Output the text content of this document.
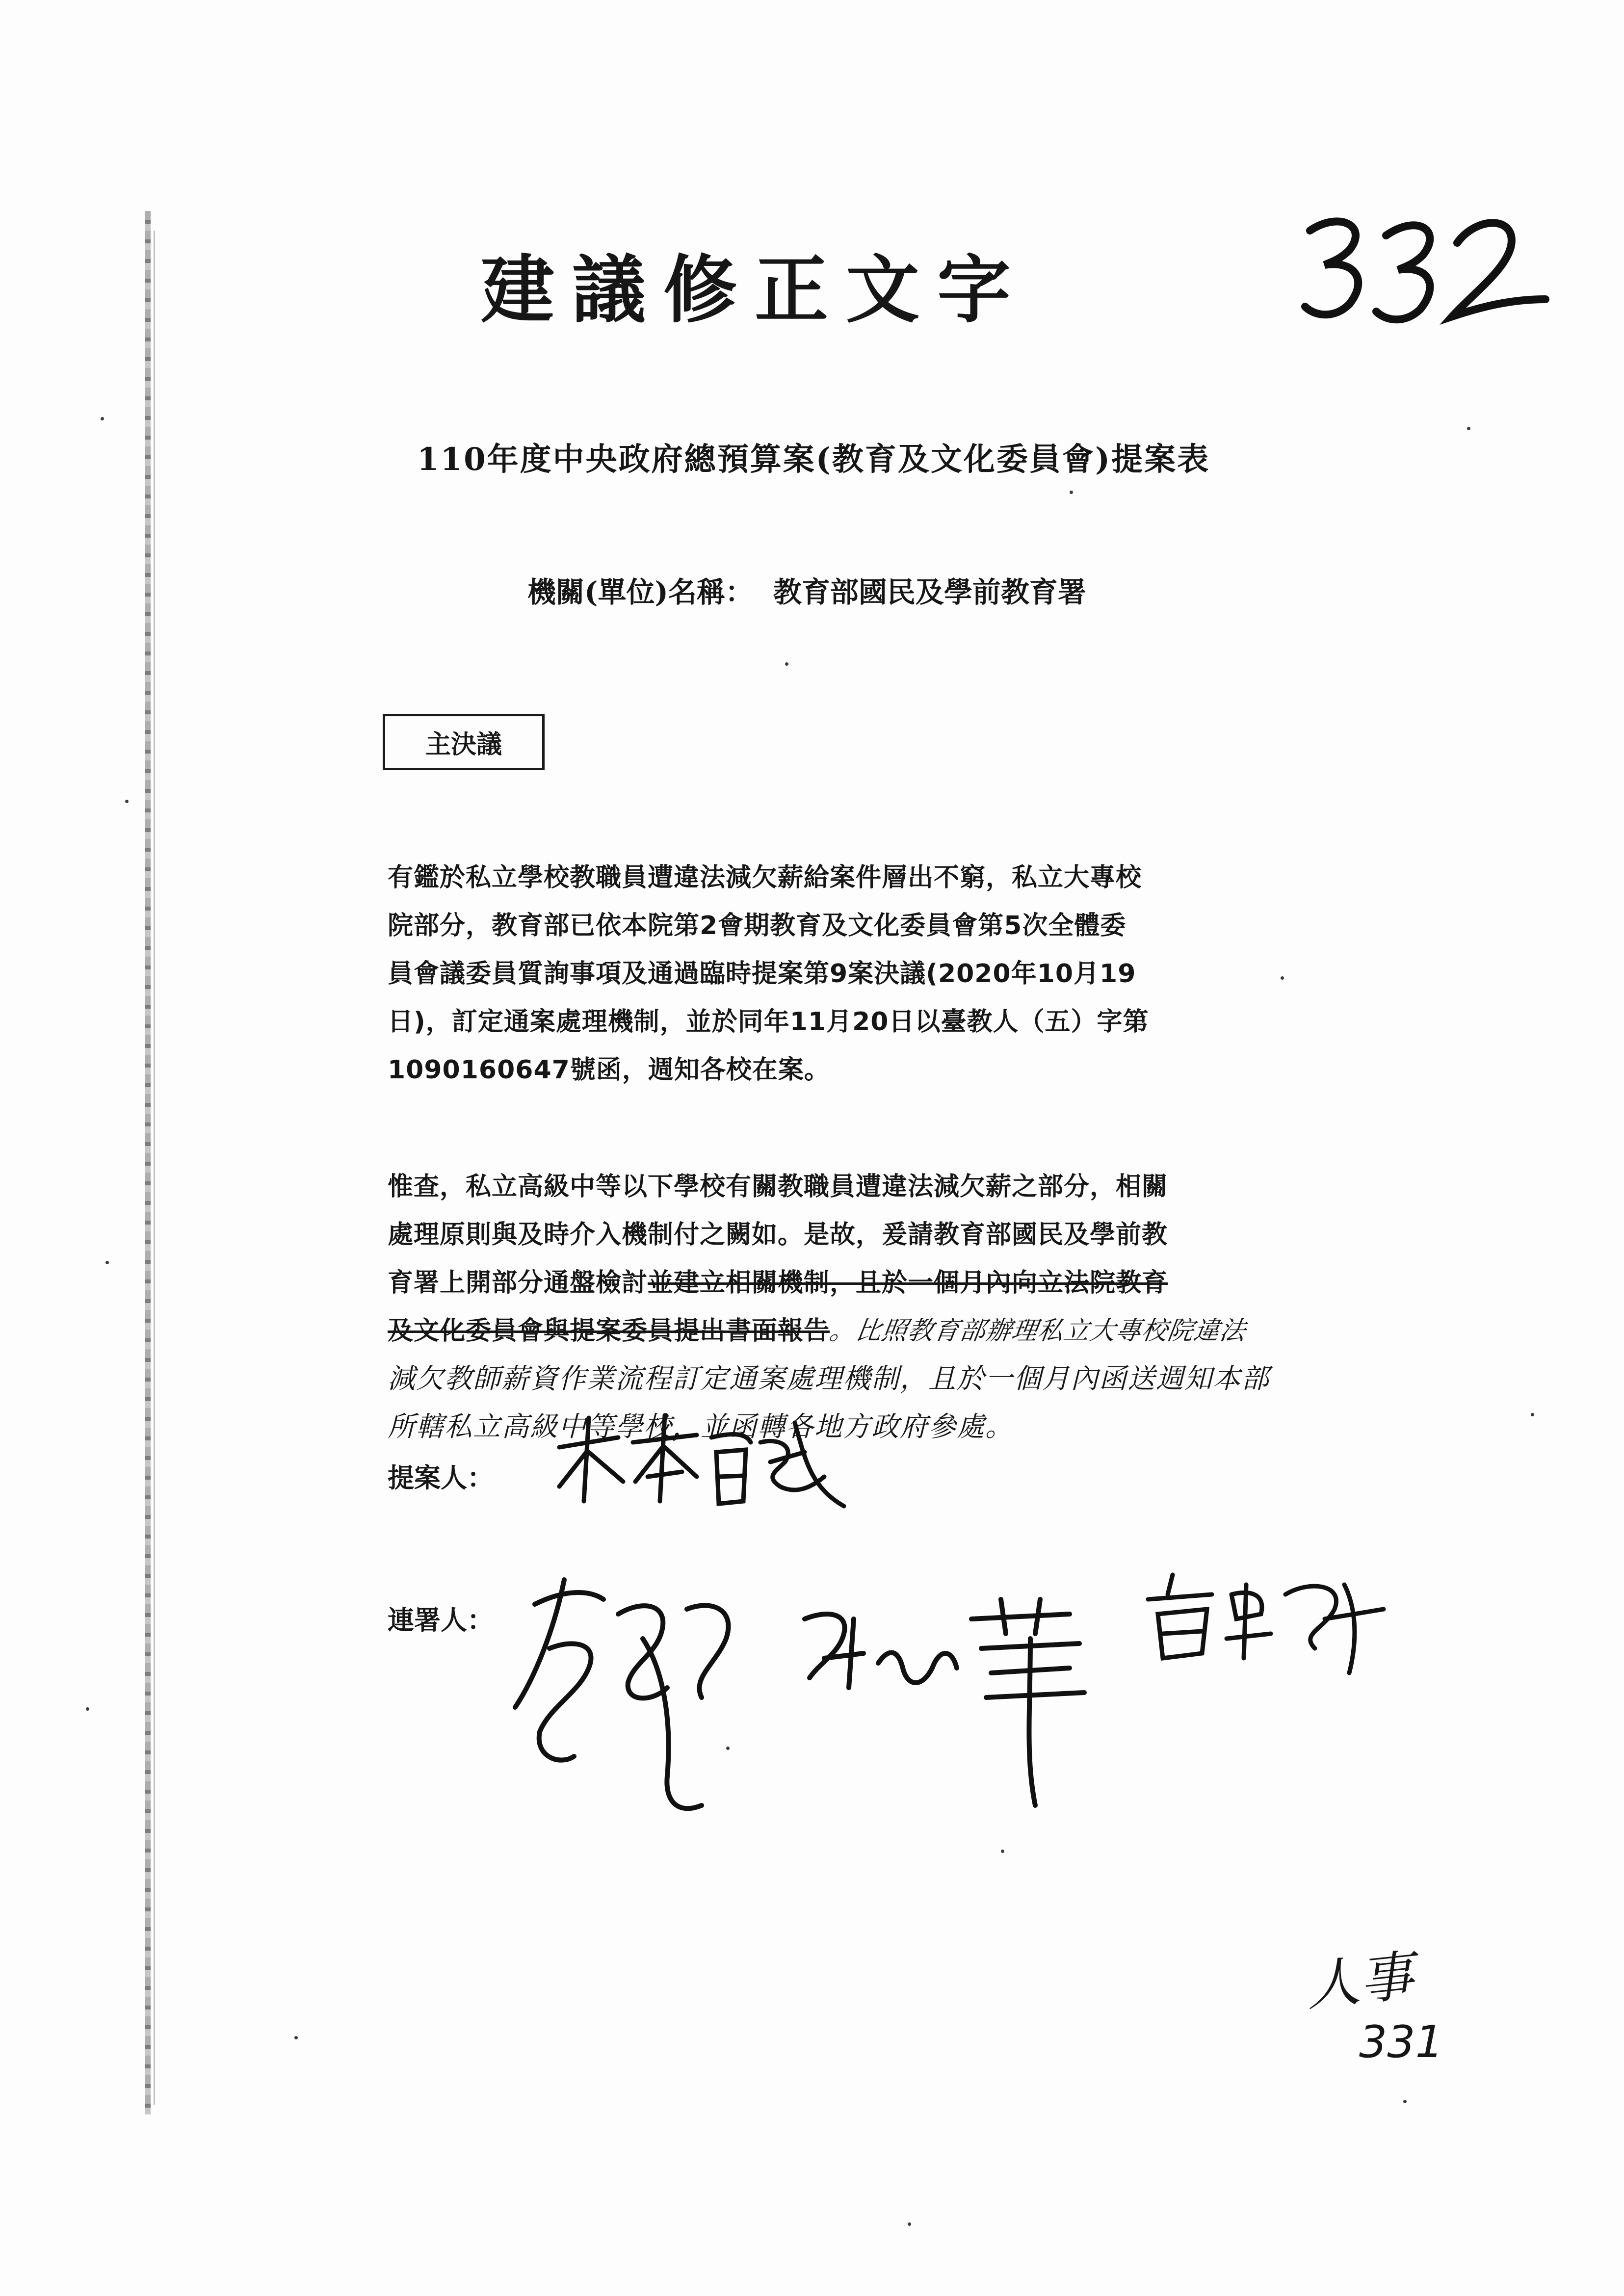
建議修正文字
110年度中央政府總預算案(教育及文化委員會)提案表
機關(單位)名稱： 教育部國民及學前教育署
主決議
有鑑於私立學校教職員遭違法減欠薪給案件層出不窮，私立大專校
院部分，教育部已依本院第2會期教育及文化委員會第5次全體委
員會議委員質詢事項及通過臨時提案第9案決議(2020年10月19
日)，訂定通案處理機制，並於同年11月20日以臺教人（五）字第
1090160647號函，週知各校在案。
惟查，私立高級中等以下學校有關教職員遭違法減欠薪之部分，相關
處理原則與及時介入機制付之闕如。是故，爰請教育部國民及學前教
育署上開部分通盤檢討並建立相關機制，且於一個月內向立法院教育
及文化委員會與提案委員提出書面報告。比照教育部辦理私立大專校院違法
減欠教師薪資作業流程訂定通案處理機制，且於一個月內函送週知本部
所轄私立高級中等學校，並函轉各地方政府參處。
提案人：
連署人：
人事
331
